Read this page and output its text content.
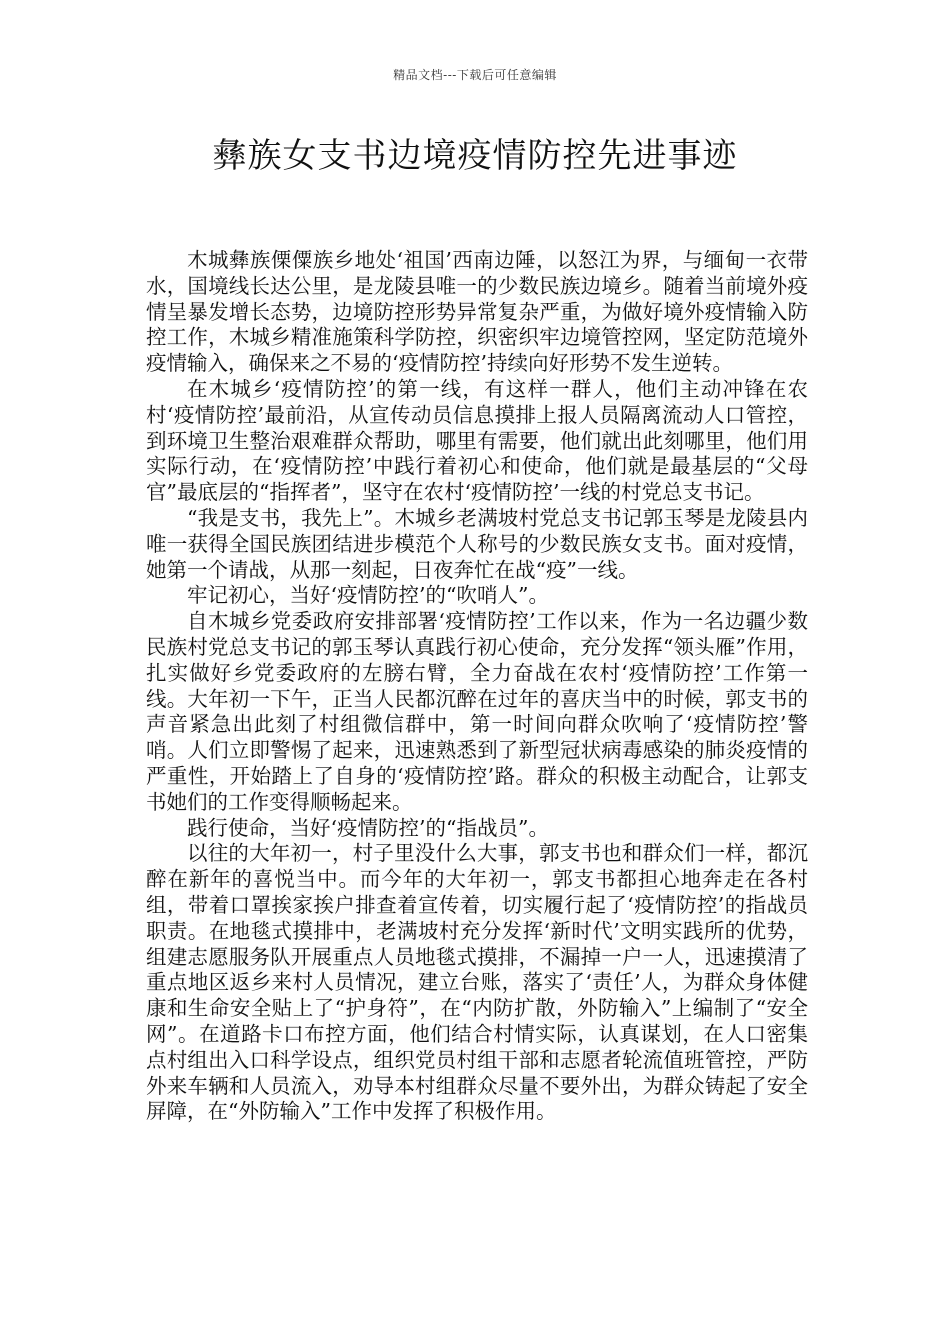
精品文档---下载后可任意编辑
彝族女支书边境疫情防控先进事迹

木城彝族傈僳族乡地处‘祖国’西南边陲，以怒江为界，与缅甸一衣带水，国境线长达公里，是龙陵县唯一的少数民族边境乡。随着当前境外疫情呈暴发增长态势，边境防控形势异常复杂严重，为做好境外疫情输入防控工作，木城乡精准施策科学防控，织密织牢边境管控网，坚定防范境外疫情输入，确保来之不易的‘疫情防控’持续向好形势不发生逆转。

在木城乡‘疫情防控’的第一线，有这样一群人，他们主动冲锋在农村‘疫情防控’最前沿，从宣传动员信息摸排上报人员隔离流动人口管控，到环境卫生整治艰难群众帮助，哪里有需要，他们就出此刻哪里，他们用实际行动，在‘疫情防控’中践行着初心和使命，他们就是最基层的“父母官”最底层的“指挥者”，坚守在农村‘疫情防控’一线的村党总支书记。

“我是支书，我先上”。木城乡老满坡村党总支书记郭玉琴是龙陵县内唯一获得全国民族团结进步模范个人称号的少数民族女支书。面对疫情，她第一个请战，从那一刻起，日夜奔忙在战“疫”一线。

牢记初心，当好‘疫情防控’的“吹哨人”。

自木城乡党委政府安排部署‘疫情防控’工作以来，作为一名边疆少数民族村党总支书记的郭玉琴认真践行初心使命，充分发挥“领头雁”作用，扎实做好乡党委政府的左膀右臂，全力奋战在农村‘疫情防控’工作第一线。大年初一下午，正当人民都沉醉在过年的喜庆当中的时候，郭支书的声音紧急出此刻了村组微信群中，第一时间向群众吹响了‘疫情防控’警哨。人们立即警惕了起来，迅速熟悉到了新型冠状病毒感染的肺炎疫情的严重性，开始踏上了自身的‘疫情防控’路。群众的积极主动配合，让郭支书她们的工作变得顺畅起来。

践行使命，当好‘疫情防控’的“指战员”。

以往的大年初一，村子里没什么大事，郭支书也和群众们一样，都沉醉在新年的喜悦当中。而今年的大年初一，郭支书都担心地奔走在各村组，带着口罩挨家挨户排查着宣传着，切实履行起了‘疫情防控’的指战员职责。在地毯式摸排中，老满坡村充分发挥‘新时代’文明实践所的优势，组建志愿服务队开展重点人员地毯式摸排，不漏掉一户一人，迅速摸清了重点地区返乡来村人员情况，建立台账，落实了‘责任’人，为群众身体健康和生命安全贴上了“护身符”，在“内防扩散，外防输入”上编制了“安全网”。在道路卡口布控方面，他们结合村情实际，认真谋划，在人口密集点村组出入口科学设点，组织党员村组干部和志愿者轮流值班管控，严防外来车辆和人员流入，劝导本村组群众尽量不要外出，为群众铸起了安全屏障，在“外防输入”工作中发挥了积极作用。
